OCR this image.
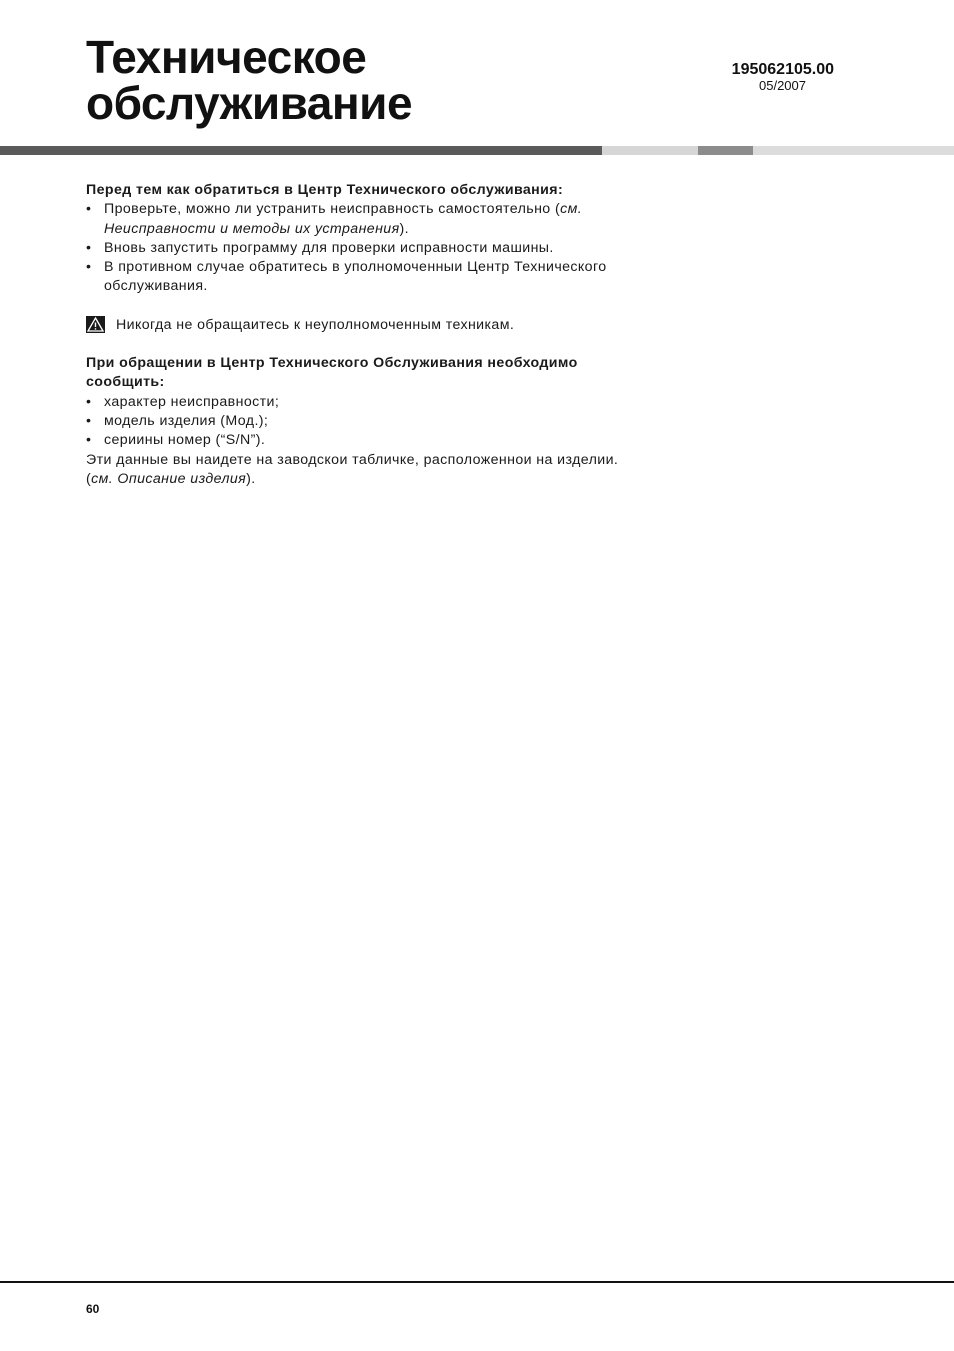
Техническое
обслуживание
195062105.00
05/2007

Перед тем как обратиться в Центр Технического обслуживания:

• Проверьте, можно ли устранить неисправность самостоятельно (см. Неисправности и методы их устранения).
• Вновь запустить программу для проверки исправности машины.
• В противном случае обратитесь в уполномоченныи Центр Технического обслуживания.

Никогда не обращаитесь к неуполномоченным техникам.

При обращении в Центр Технического Обслуживания необходимо сообщить:

• характер неисправности;
• модель изделия (Мод.);
• сериины номер (“S/N”).

Эти данные вы наидете на заводскои табличке, расположеннои на изделии.

(см. Описание изделия).

60
